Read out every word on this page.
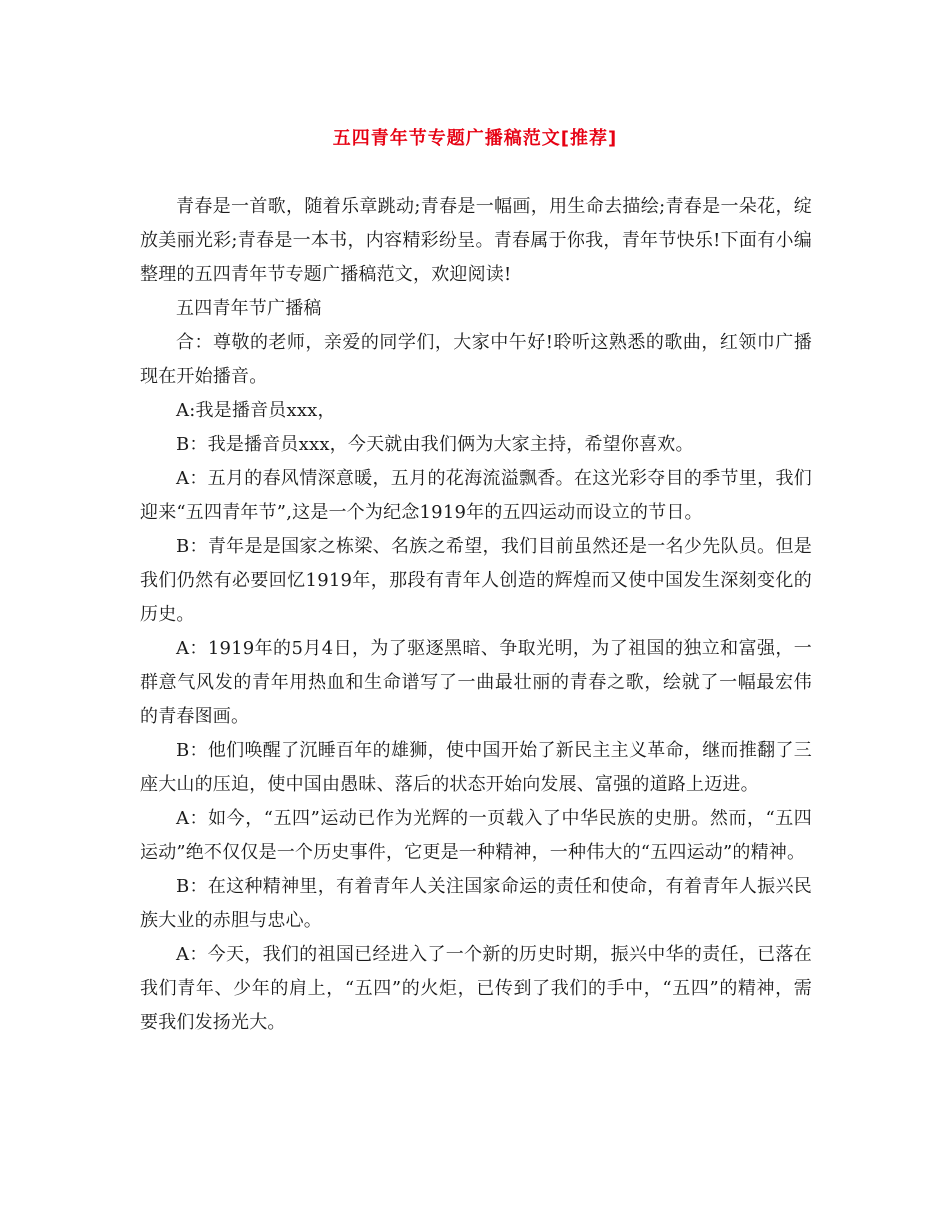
五四青年节专题广播稿范文[推荐]

青春是一首歌，随着乐章跳动;青春是一幅画，用生命去描绘;青春是一朵花，绽放美丽光彩;青春是一本书，内容精彩纷呈。青春属于你我，青年节快乐!下面有小编整理的五四青年节专题广播稿范文，欢迎阅读!

五四青年节广播稿

合：尊敬的老师，亲爱的同学们，大家中午好!聆听这熟悉的歌曲，红领巾广播现在开始播音。

A:我是播音员xxx，

B：我是播音员xxx，今天就由我们俩为大家主持，希望你喜欢。

A：五月的春风情深意暖，五月的花海流溢飘香。在这光彩夺目的季节里，我们迎来“五四青年节”,这是一个为纪念1919年的五四运动而设立的节日。

B：青年是是国家之栋梁、名族之希望，我们目前虽然还是一名少先队员。但是我们仍然有必要回忆1919年，那段有青年人创造的辉煌而又使中国发生深刻变化的历史。

A：1919年的5月4日，为了驱逐黑暗、争取光明，为了祖国的独立和富强，一群意气风发的青年用热血和生命谱写了一曲最壮丽的青春之歌，绘就了一幅最宏伟的青春图画。

B：他们唤醒了沉睡百年的雄狮，使中国开始了新民主主义革命，继而推翻了三座大山的压迫，使中国由愚昧、落后的状态开始向发展、富强的道路上迈进。

A：如今，“五四”运动已作为光辉的一页载入了中华民族的史册。然而，“五四运动”绝不仅仅是一个历史事件，它更是一种精神，一种伟大的“五四运动”的精神。

B：在这种精神里，有着青年人关注国家命运的责任和使命，有着青年人振兴民族大业的赤胆与忠心。

A：今天，我们的祖国已经进入了一个新的历史时期，振兴中华的责任，已落在我们青年、少年的肩上，“五四”的火炬，已传到了我们的手中，“五四”的精神，需要我们发扬光大。
